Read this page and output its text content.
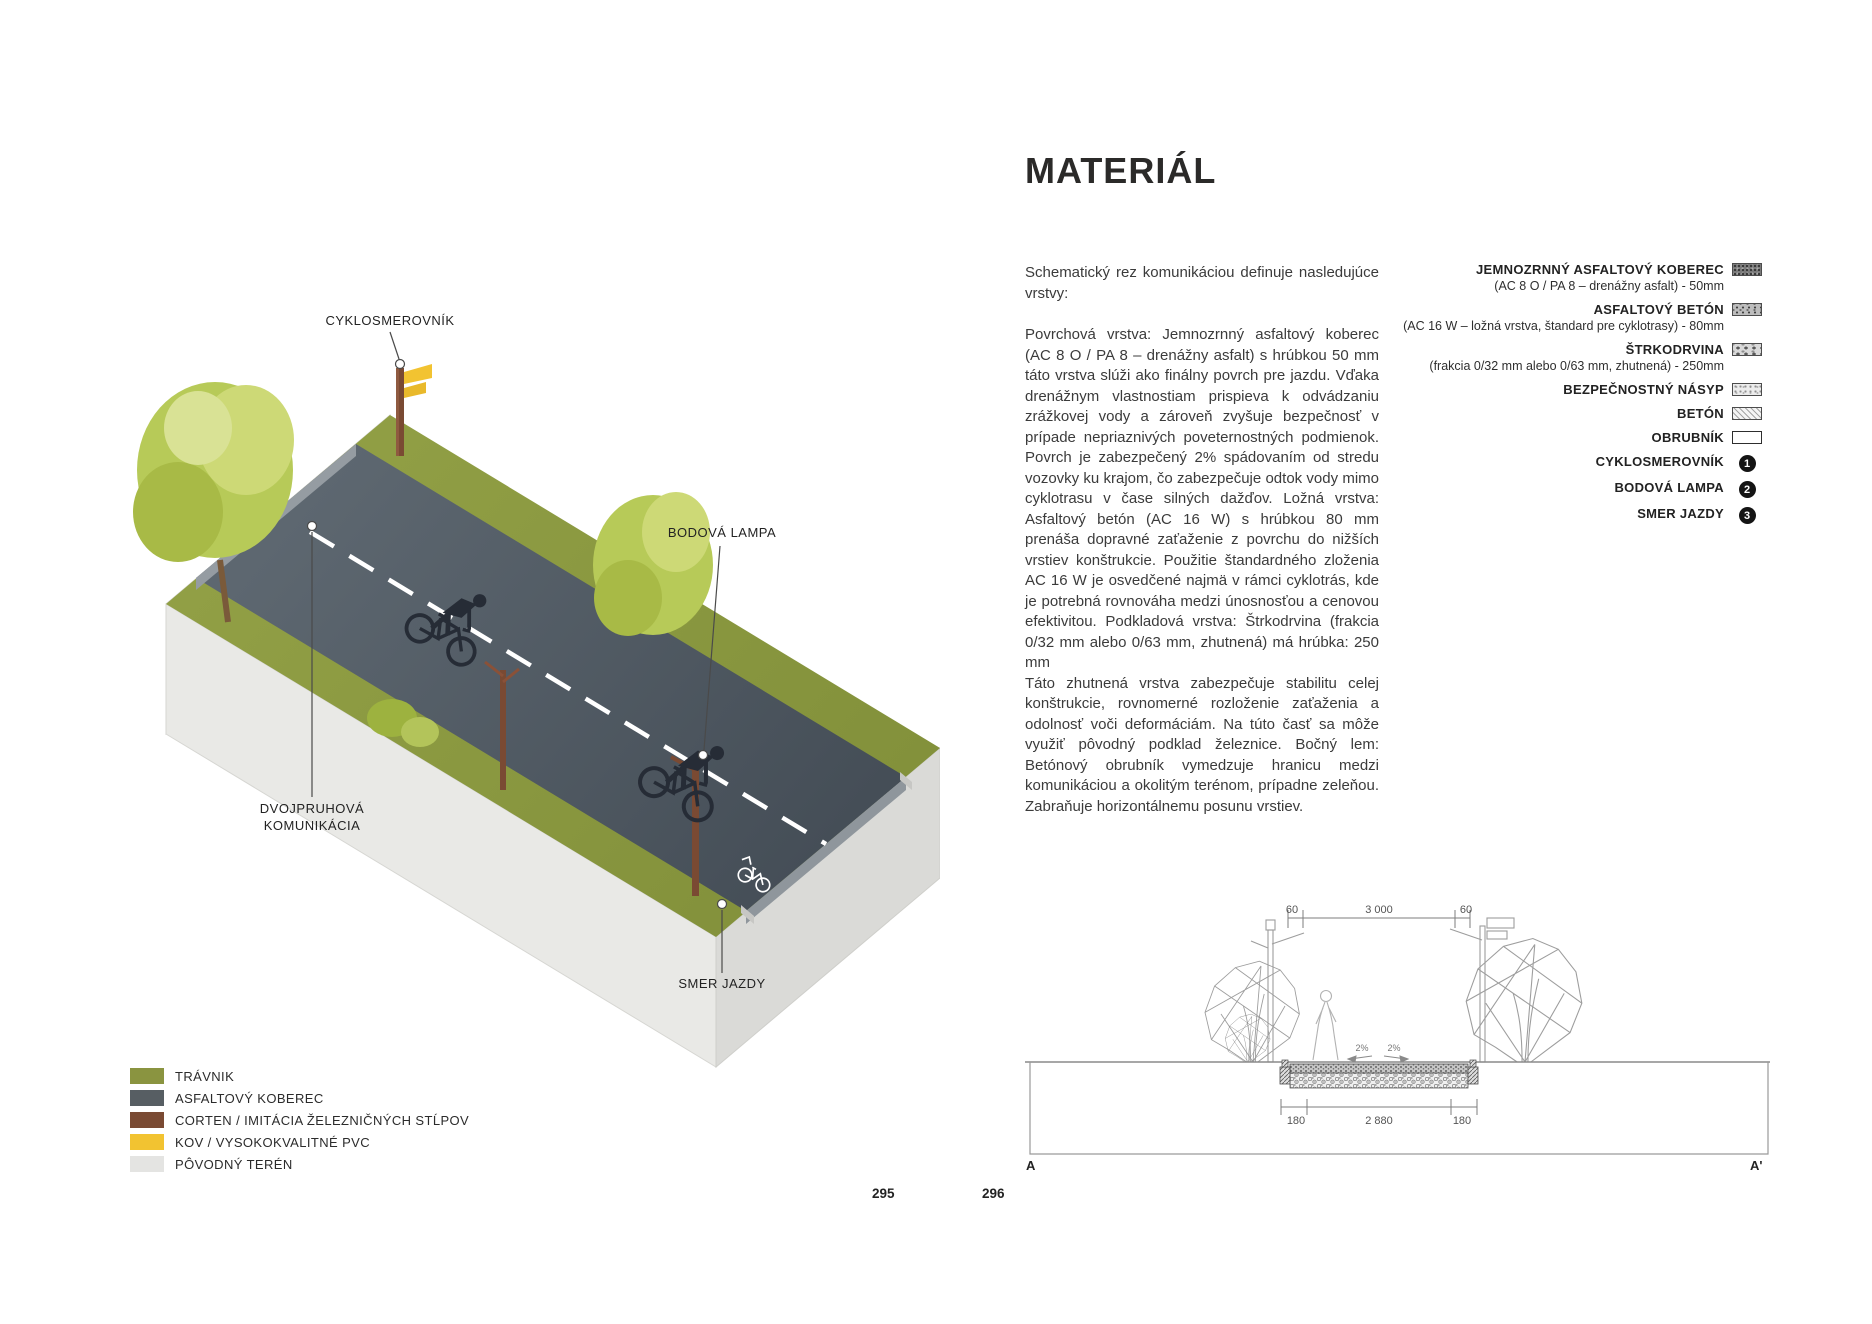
CYKLOSMEROVNÍK
BODOVÁ LAMPA
DVOJPRUHOVÁ
KOMUNIKÁCIA
SMER JAZDY
TRÁVNIK
ASFALTOVÝ KOBEREC
CORTEN / IMITÁCIA ŽELEZNIČNÝCH STĹPOV
KOV / VYSOKOKVALITNÉ PVC
PÔVODNÝ TERÉN
295
MATERIÁL

Schematický rez komunikáciou definuje nasledujúce vrstvy:

Povrchová vrstva: Jemnozrnný asfaltový koberec (AC 8 O / PA 8 – drenážny asfalt) s hrúbkou 50 mm táto vrstva slúži ako finálny povrch pre jazdu. Vďaka drenážnym vlastnostiam prispieva k odvádzaniu zrážkovej vody a zároveň zvyšuje bezpečnosť v prípade nepriaznivých poveternostných podmienok. Povrch je zabezpečený 2% spádovaním od stredu vozovky ku krajom, čo zabezpečuje odtok vody mimo cyklotrasu v čase silných dažďov. Ložná vrstva: Asfaltový betón (AC 16 W) s hrúbkou 80 mm prenáša dopravné zaťaženie z povrchu do nižších vrstiev konštrukcie. Použitie štandardného zloženia AC 16 W je osvedčené najmä v rámci cyklotrás, kde je potrebná rovnováha medzi únosnosťou a cenovou efektivitou. Podkladová vrstva: Štrkodrvina (frakcia 0/32 mm alebo 0/63 mm, zhutnená) má hrúbka: 250 mm

Táto zhutnená vrstva zabezpečuje stabilitu celej konštrukcie, rovnomerné rozloženie zaťaženia a odolnosť voči deformáciám. Na túto časť sa môže využiť pôvodný podklad železnice. Bočný lem: Betónový obrubník vymedzuje hranicu medzi komunikáciou a okolitým terénom, prípadne zeleňou. Zabraňuje horizontálnemu posunu vrstiev.

JEMNOZRNNÝ ASFALTOVÝ KOBEREC
(AC 8 O / PA 8 – drenážny asfalt) - 50mm
ASFALTOVÝ BETÓN
(AC 16 W – ložná vrstva, štandard pre cyklotrasy) - 80mm
ŠTRKODRVINA
(frakcia 0/32 mm alebo 0/63 mm, zhutnená) - 250mm
BEZPEČNOSTNÝ NÁSYP
BETÓN
OBRUBNÍK
CYKLOSMEROVNÍK	1
BODOVÁ LAMPA	2
SMER JAZDY	3
60	3 000	60
2% 2%
180	2 880	180
A	A'
296
